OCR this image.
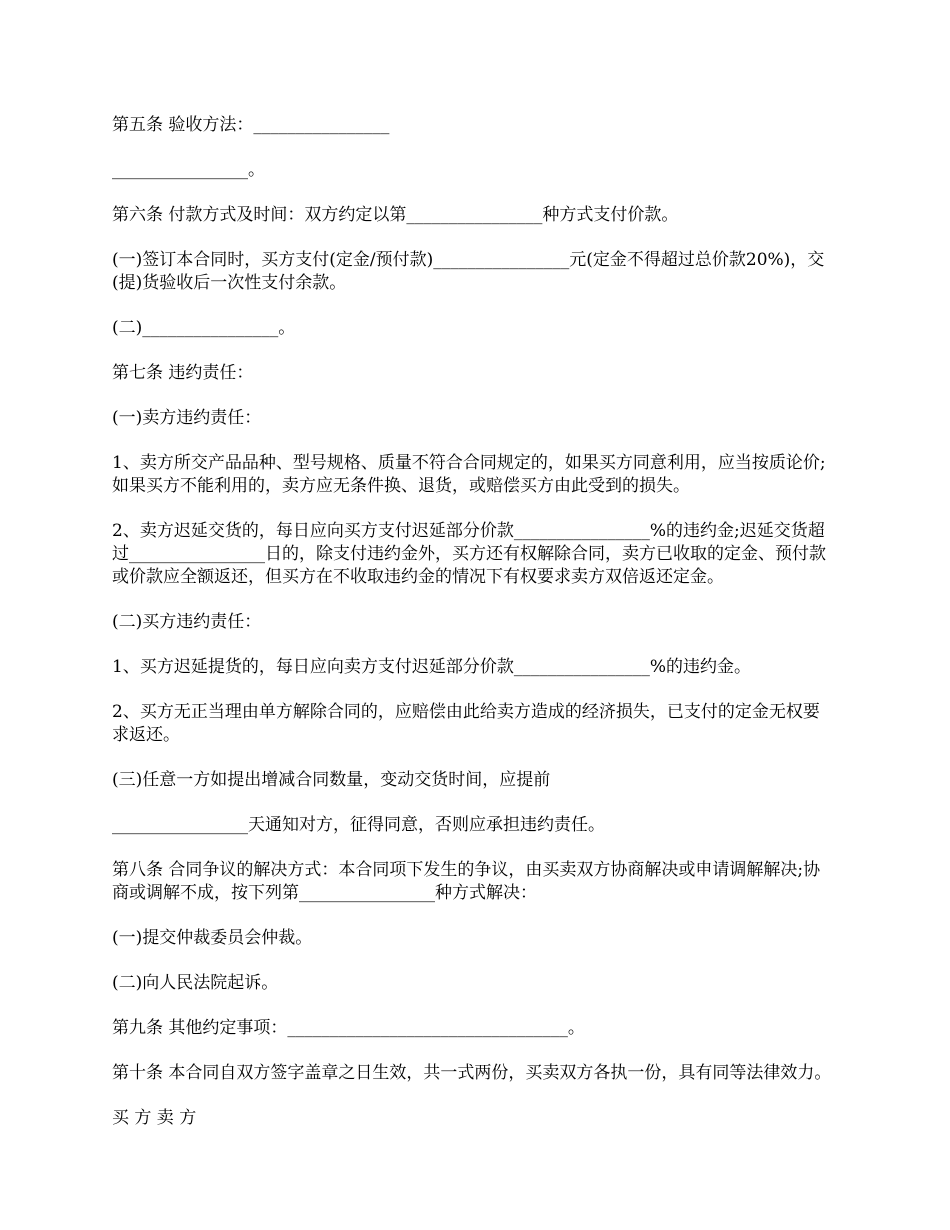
第五条 验收方法：________________

________________。

第六条 付款方式及时间：双方约定以第________________种方式支付价款。

(一)签订本合同时，买方支付(定金/预付款)________________元(定金不得超过总价款20%)，交(提)货验收后一次性支付余款。

(二)________________。

第七条 违约责任：

(一)卖方违约责任：

1、卖方所交产品品种、型号规格、质量不符合合同规定的，如果买方同意利用，应当按质论价;如果买方不能利用的，卖方应无条件换、退货，或赔偿买方由此受到的损失。

2、卖方迟延交货的，每日应向买方支付迟延部分价款________________%的违约金;迟延交货超过________________日的，除支付违约金外，买方还有权解除合同，卖方已收取的定金、预付款或价款应全额返还，但买方在不收取违约金的情况下有权要求卖方双倍返还定金。

(二)买方违约责任：

1、买方迟延提货的，每日应向卖方支付迟延部分价款________________%的违约金。

2、买方无正当理由单方解除合同的，应赔偿由此给卖方造成的经济损失，已支付的定金无权要求返还。

(三)任意一方如提出增减合同数量，变动交货时间，应提前

________________天通知对方，征得同意，否则应承担违约责任。

第八条 合同争议的解决方式：本合同项下发生的争议，由买卖双方协商解决或申请调解解决;协商或调解不成，按下列第________________种方式解决：

(一)提交仲裁委员会仲裁。

(二)向人民法院起诉。

第九条 其他约定事项：_________________________________。

第十条 本合同自双方签字盖章之日生效，共一式两份，买卖双方各执一份，具有同等法律效力。

买 方 卖 方
